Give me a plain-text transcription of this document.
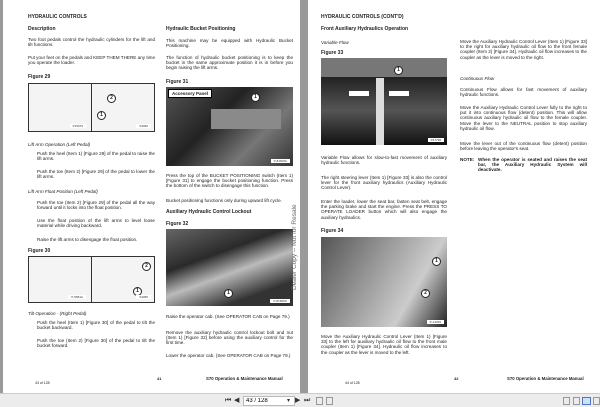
HYDRAULIC CONTROLS
Description
Two foot pedals control the hydraulic cylinders for the lift and tilt functions.
Put your feet on the pedals and KEEP THEM THERE any time you operate the loader.
Figure 29
2
1
P15079	S4060
Lift Arm Operation (Left Pedal)
Push the heel (Item 1) [Figure 29] of the pedal to raise the lift arms.
Push the toe (Item 2) [Figure 29] of the pedal to lower the lift arms.
Lift Arm Float Position (Left Pedal)
Push the toe (Item 2) [Figure 29] of the pedal all the way forward until it locks into the float position.
Use the float position of the lift arms to level loose material while driving backward.
Raise the lift arms to disengage the float position.
Figure 30
2
1
P-5681A	S4065
Tilt Operation - (Right Pedal)
Push the heel (Item 1) [Figure 30] of the pedal to tilt the bucket backward.
Push the toe (Item 2) [Figure 30] of the pedal to tilt the bucket forward.
Hydraulic Bucket Positioning
This machine may be equipped with Hydraulic Bucket Positioning.
The function of hydraulic bucket positioning is to keep the bucket in the same approximate position it is in before you begin raising the lift arms.
Figure 31
Accessory Panel
1
P-81606A
Press the top of the BUCKET POSITIONING switch (Item 1) [Figure 31] to engage the bucket positioning function. Press the bottom of the switch to disengage this function.
Bucket positioning functions only during upward lift cycle.
Auxiliary Hydraulic Control Lockout
Figure 32
1
P-81606C
Raise the operator cab. (See OPERATOR CAB on Page 79.)
Remove the auxiliary hydraulic control lockout bolt and nut (Item 1) [Figure 32] before using the auxiliary control for the first time.
Lower the operator cab. (See OPERATOR CAB on Page 79.)
43 of 128
41	S70 Operation & Maintenance Manual
Dealer Copy -- Not for Resale
HYDRAULIC CONTROLS (CONT'D)
Front Auxiliary Hydraulics Operation
Variable Flow
Figure 33
1
P47798
Variable Flow allows for slow-to-fast movement of auxiliary hydraulic functions.
The right steering lever (Item 1) [Figure 33] is also the control lever for the front auxiliary hydraulics (Auxiliary Hydraulic Control Lever).
Enter the loader, lower the seat bar, fasten seat belt, engage the parking brake and start the engine. Press the PRESS TO OPERATE LOADER button which will also engage the auxiliary hydraulics.
Figure 34
1
2
P-14260
Move the Auxiliary Hydraulic Control Lever (Item 1) [Figure 33] to the left for auxiliary hydraulic oil flow to the front male coupler (Item 1) [Figure 34]. Hydraulic oil flow increases to the coupler as the lever is moved to the left.
Move the Auxiliary Hydraulic Control Lever (Item 1) [Figure 33] to the right for auxiliary hydraulic oil flow to the front female coupler (Item 2) [Figure 34]. Hydraulic oil flow increases to the coupler as the lever is moved to the right.
Continuous Flow
Continuous Flow allows for fast movement of auxiliary hydraulic functions.
Move the Auxiliary Hydraulic Control Lever fully to the right to put it into continuous flow (detent) position. This will allow continuous auxiliary hydraulic oil flow to the female coupler. Move the lever to the NEUTRAL position to stop auxiliary hydraulic oil flow.
Move the lever out of the continuous flow (detent) position before leaving the operator's seat.
NOTE: When the operator is seated and raises the seat bar, the Auxiliary Hydraulic System will deactivate.
44 of 128
42	S70 Operation & Maintenance Manual
⏮ ◀
43 / 128	▾ ▶ ⏭
